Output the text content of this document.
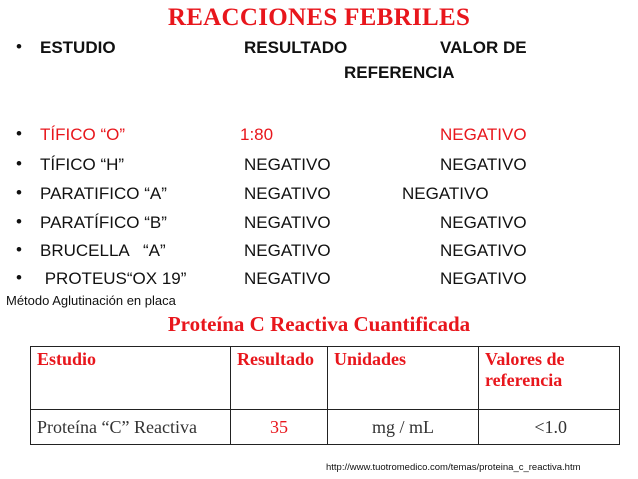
REACCIONES FEBRILES
• ESTUDIO	RESULTADO	VALOR DE
REFERENCIA
• TÍFICO “O”	1:80	NEGATIVO
• TÍFICO “H”	NEGATIVO	NEGATIVO
• PARATIFICO “A”	NEGATIVO	NEGATIVO
• PARATÍFICO “B”	NEGATIVO	NEGATIVO
• BRUCELLA   “A”	NEGATIVO	NEGATIVO
• PROTEUS“OX 19”	NEGATIVO	NEGATIVO
Método Aglutinación en placa
Proteína C Reactiva Cuantificada
Estudio	Resultado	Unidades	Valores de
referencia
Proteína “C” Reactiva	35	mg / mL	<1.0
http://www.tuotromedico.com/temas/proteina_c_reactiva.htm
